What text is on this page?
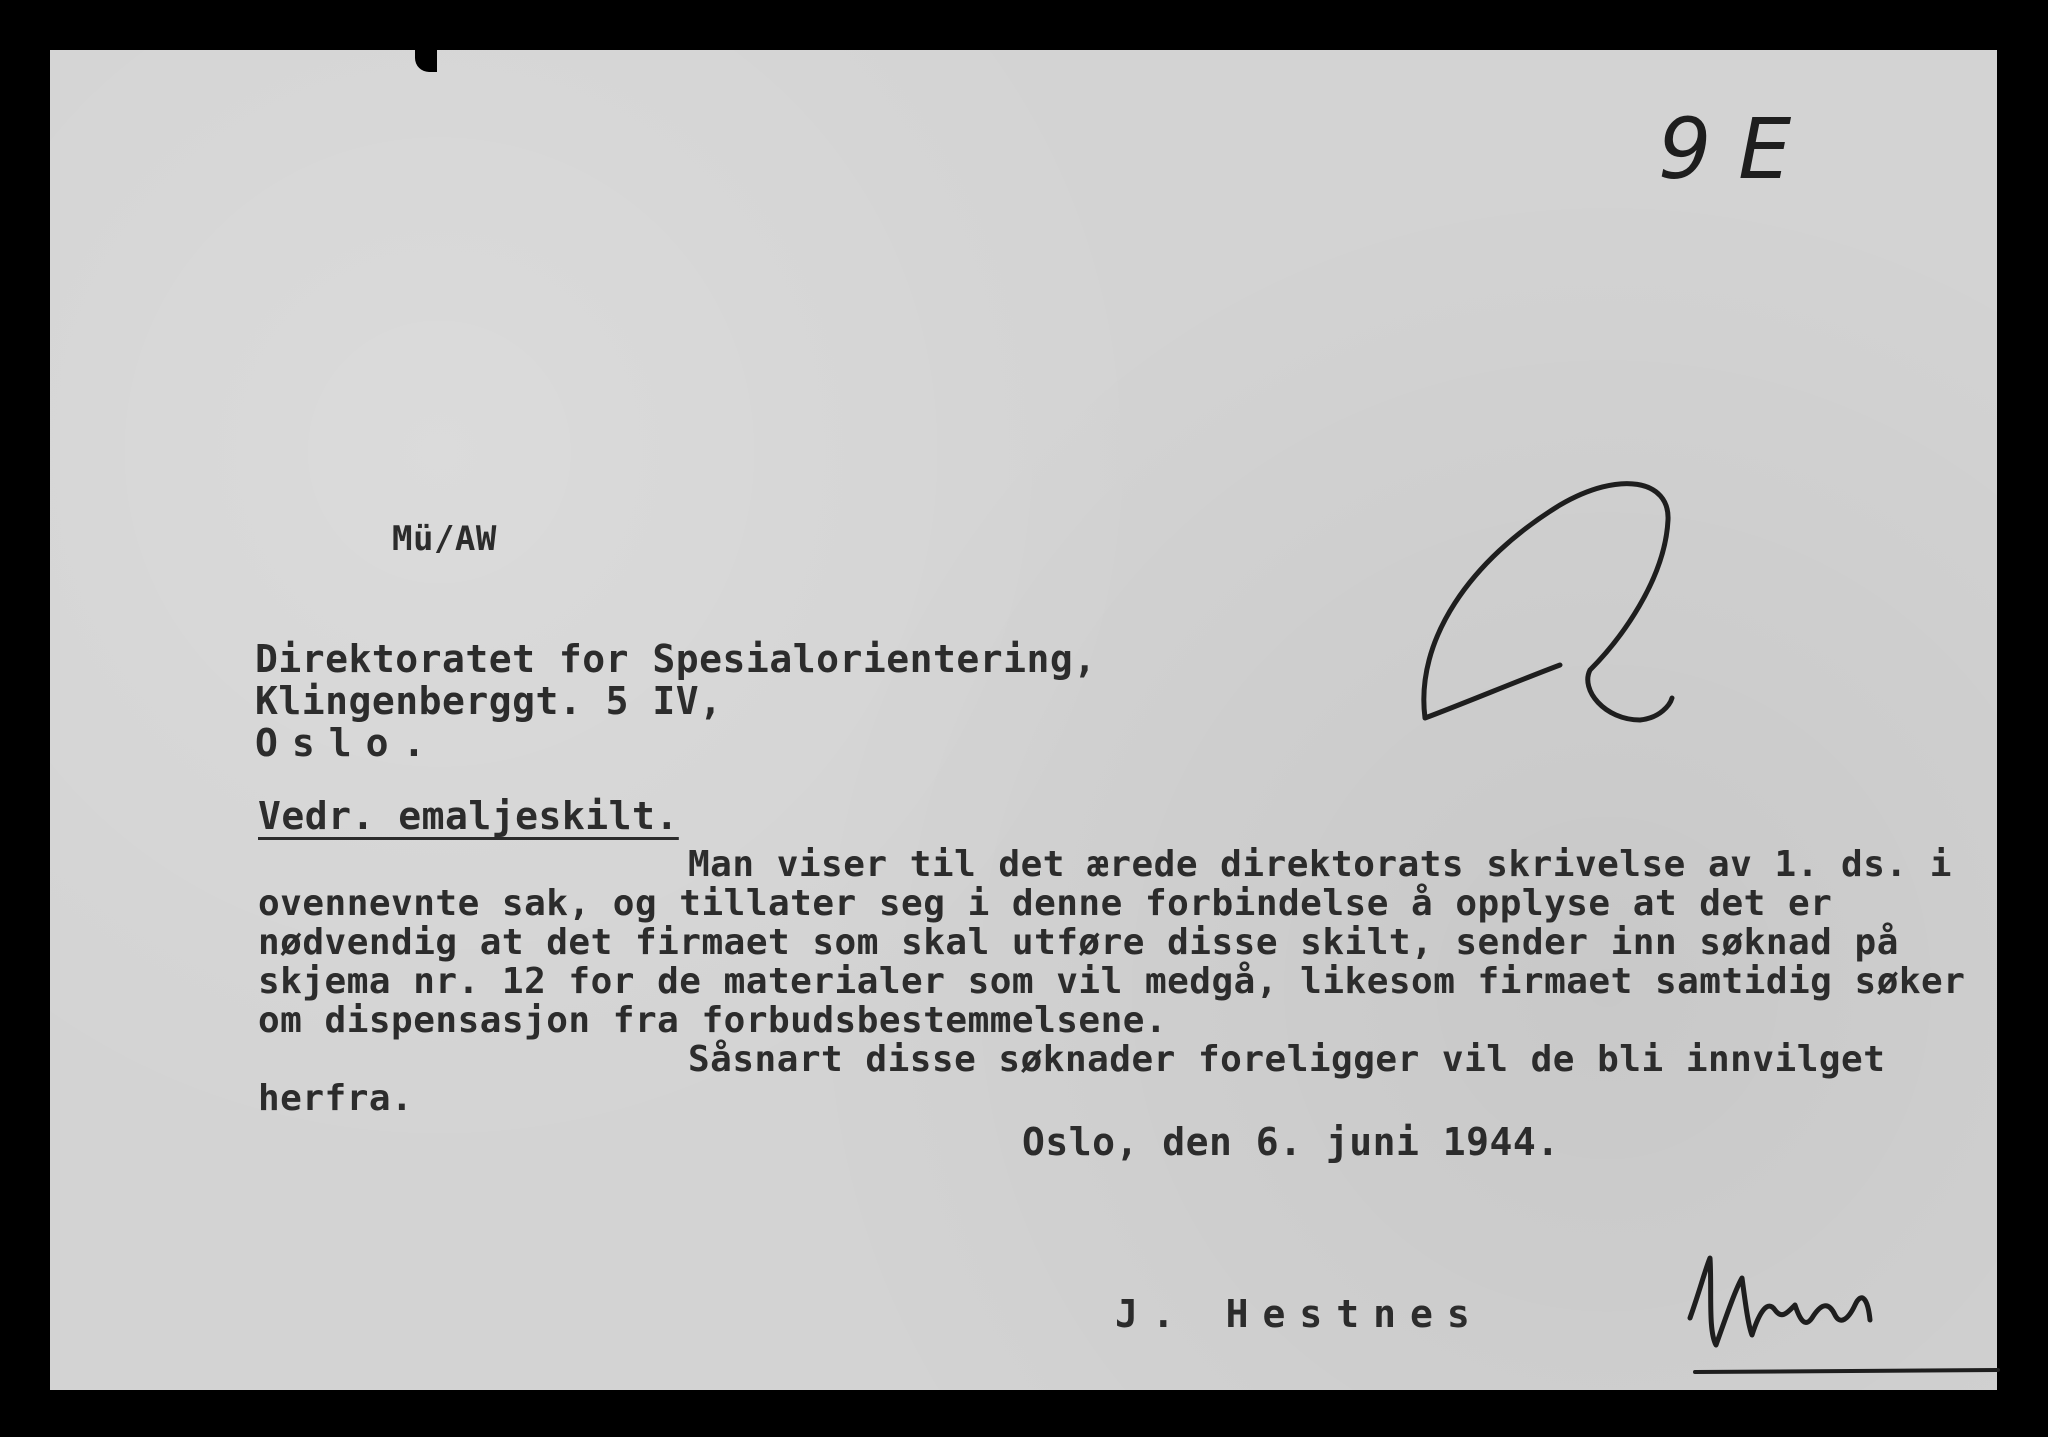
Mü/AW
Direktoratet for Spesialorientering,
Klingenberggt. 5 IV,
Oslo.
Vedr. emaljeskilt.

Man viser til det ærede direktorats skrivelse av 1. ds. i ovennevnte sak, og tillater seg i denne forbindelse å opplyse at det er nødvendig at det firmaet som skal utføre disse skilt, sender inn søknad på skjema nr. 12 for de materialer som vil medgå, likesom firmaet samtidig søker om dispensasjon fra forbudsbestemmelsene.

Såsnart disse søknader foreligger vil de bli innvilget herfra.

Oslo, den 6. juni 1944.
J. Hestnes
9 E
